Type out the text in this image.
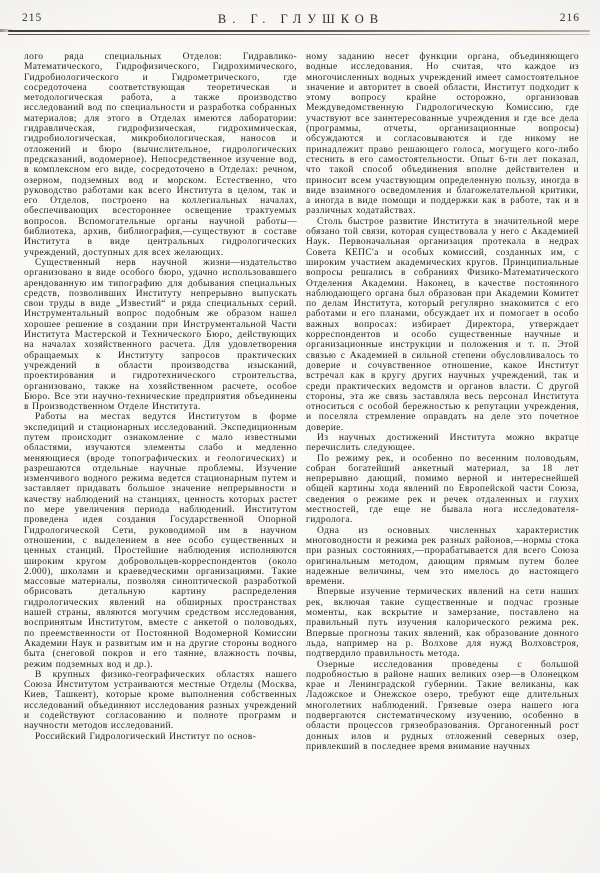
215	В. Г. ГЛУШКОВ	216

лого ряда специальных Отделов: Гидравлико-Математического, Гидрофизического, Гидрохимического, Гидробиологического и Гидрометрического, где сосредоточена соответствующая теоретическая и методологическая работа, а также производство исследований вод по специальности и разработка собранных материалов; для этого в Отделах имеются лаборатории: гидравлическая, гидрофизическая, гидрохимическая, гидробиологическая, микробиологическая, наносов и отложений и бюро (вычислительное, гидрологических предсказаний, водомерное). Непосредственное изучение вод, в комплексном его виде, сосредоточено в Отделах: речном, озерном, подземных вод и морском. Естественно, что руководство работами как всего Института в целом, так и его Отделов, построено на коллегиальных началах, обеспечивающих всестороннее освещение трактуемых вопросов. Вспомогательные органы научной работы—библиотека, архив, библиография,—существуют в составе Института в виде центральных гидрологических учреждений, доступных для всех желающих.

Существенный нерв научной жизни—издательство организовано в виде особого бюро, удачно использовавшего арендованную им типографию для добывания специальных средств, позволивших Институту непрерывно выпускать свои труды в виде „Известий“ и ряда специальных серий. Инструментальный вопрос подобным же образом нашел хорошее решение в создании при Инструментальной Части Института Мастерской и Технического Бюро, действующих на началах хозяйственного расчета. Для удовлетворения обращаемых к Институту запросов практических учреждений в области производства изысканий, проектирования и гидротехнического строительства, организовано, также на хозяйственном расчете, особое Бюро. Все эти научно-технические предприятия объединены в Производственном Отделе Института.

Работы на местах ведутся Институтом в форме экспедиций и стационарных исследований. Экспедиционным путем происходит ознакомление с мало известными областями, изучаются элементы слабо и медленно меняющиеся (вроде топографических и геологических) и разрешаются отдельные научные проблемы. Изучение изменчивого водного режима ведется стационарным путем и заставляет придавать большое значение непрерывности и качеству наблюдений на станциях, ценность которых растет по мере увеличения периода наблюдений. Институтом проведена идея создания Государственной Опорной Гидрологической Сети, руководимой им в научном отношении, с выделением в нее особо существенных и ценных станций. Простейшие наблюдения исполняются широким кругом добровольцев-корреспондентов (около 2.000), школами и краеведческими организациями. Такие массовые материалы, позволяя синоптической разработкой обрисовать детальную картину распределения гидрологических явлений на обширных пространствах нашей страны, являются могучим средством исследования, воспринятым Институтом, вместе с анкетой о половодьях, по преемственности от Постоянной Водомерной Комиссии Академии Наук и развитым им и на другие стороны водного быта (снеговой покров и его таяние, влажность почвы, режим подземных вод и др.).

В крупных физико-географических областях нашего Союза Институтом устраиваются местные Отделы (Москва, Киев, Ташкент), которые кроме выполнения собственных исследований объединяют исследования разных учреждений и содействуют согласованию и полноте программ и научности методов исследований.

Российский Гидрологический Институт по основ-

ному заданию несет функции органа, объединяющего водные исследования. Но считая, что каждое из многочисленных водных учреждений имеет самостоятельное значение и авторитет в своей области, Институт подходит к этому вопросу крайне осторожно, организовав Междуведомственную Гидрологическую Комиссию, где участвуют все заинтересованные учреждения и где все дела (программы, отчеты, организационные вопросы) обсуждаются и согласовываются и где никому не принадлежит право решающего голоса, могущего кого-либо стеснить в его самостоятельности. Опыт 6-ти лет показал, что такой способ объединения вполне действителен и приносит всем участвующим определенную пользу, иногда в виде взаимного осведомления и благожелательной критики, а иногда в виде помощи и поддержки как в работе, так и в различных ходатайствах.

Столь быстрое развитие Института в значительной мере обязано той связи, которая существовала у него с Академией Наук. Первоначальная организация протекала в недрах Совета КЕПС'а и особых комиссий, созданных им, с широким участием академических кругов. Принципиальные вопросы решались в собраниях Физико-Математического Отделения Академии. Наконец, в качестве постоянного наблюдающего органа был образован при Академии Комитет по делам Института, который регулярно знакомится с его работами и его планами, обсуждает их и помогает в особо важных вопросах: избирает Директора, утверждает корреспондентов и особо существенные научные и организационные инструкции и положения и т. п. Этой связью с Академией в сильной степени обусловливалось то доверие и сочувственное отношение, какое Институт встречал как в кругу других научных учреждений, так и среди практических ведомств и органов власти. С другой стороны, эта же связь заставляла весь персонал Института относиться с особой бережностью к репутации учреждения, и поселяла стремление оправдать на деле это почетное доверие.

Из научных достижений Института можно вкратце перечислить следующее.

По режиму рек, и особенно по весенним половодьям, собран богатейший анкетный материал, за 18 лет непрерывно дающий, помимо верной и интереснейшей общей картины хода явлений по Европейской части Союза, сведения о режиме рек и речек отдаленных и глухих местностей, где еще не бывала нога исследователя-гидролога.

Одна из основных численных характеристик многоводности и режима рек разных районов,—нормы стока при разных состояниях,—прорабатывается для всего Союза оригинальным методом, дающим прямым путем более надежные величины, чем это имелось до настоящего времени.

Впервые изучение термических явлений на сети наших рек, включая такие существенные и подчас грозные моменты, как вскрытие и замерзание, поставлено на правильный путь изучения калорического режима рек. Впервые прогнозы таких явлений, как образование донного льда, например на р. Волхове для нужд Волховстроя, подтвердило правильность метода.

Озерные исследования проведены с большой подробностью в районе наших великих озер—в Олонецком крае и Ленинградской губернии. Такие великаны, как Ладожское и Онежское озеро, требуют еще длительных многолетних наблюдений. Грязевые озера нашего юга подвергаются систематическому изучению, особенно в области процессов грязеобразования. Органогенный рост донных илов и рудных отложений северных озер, привлекший в последнее время внимание научных
